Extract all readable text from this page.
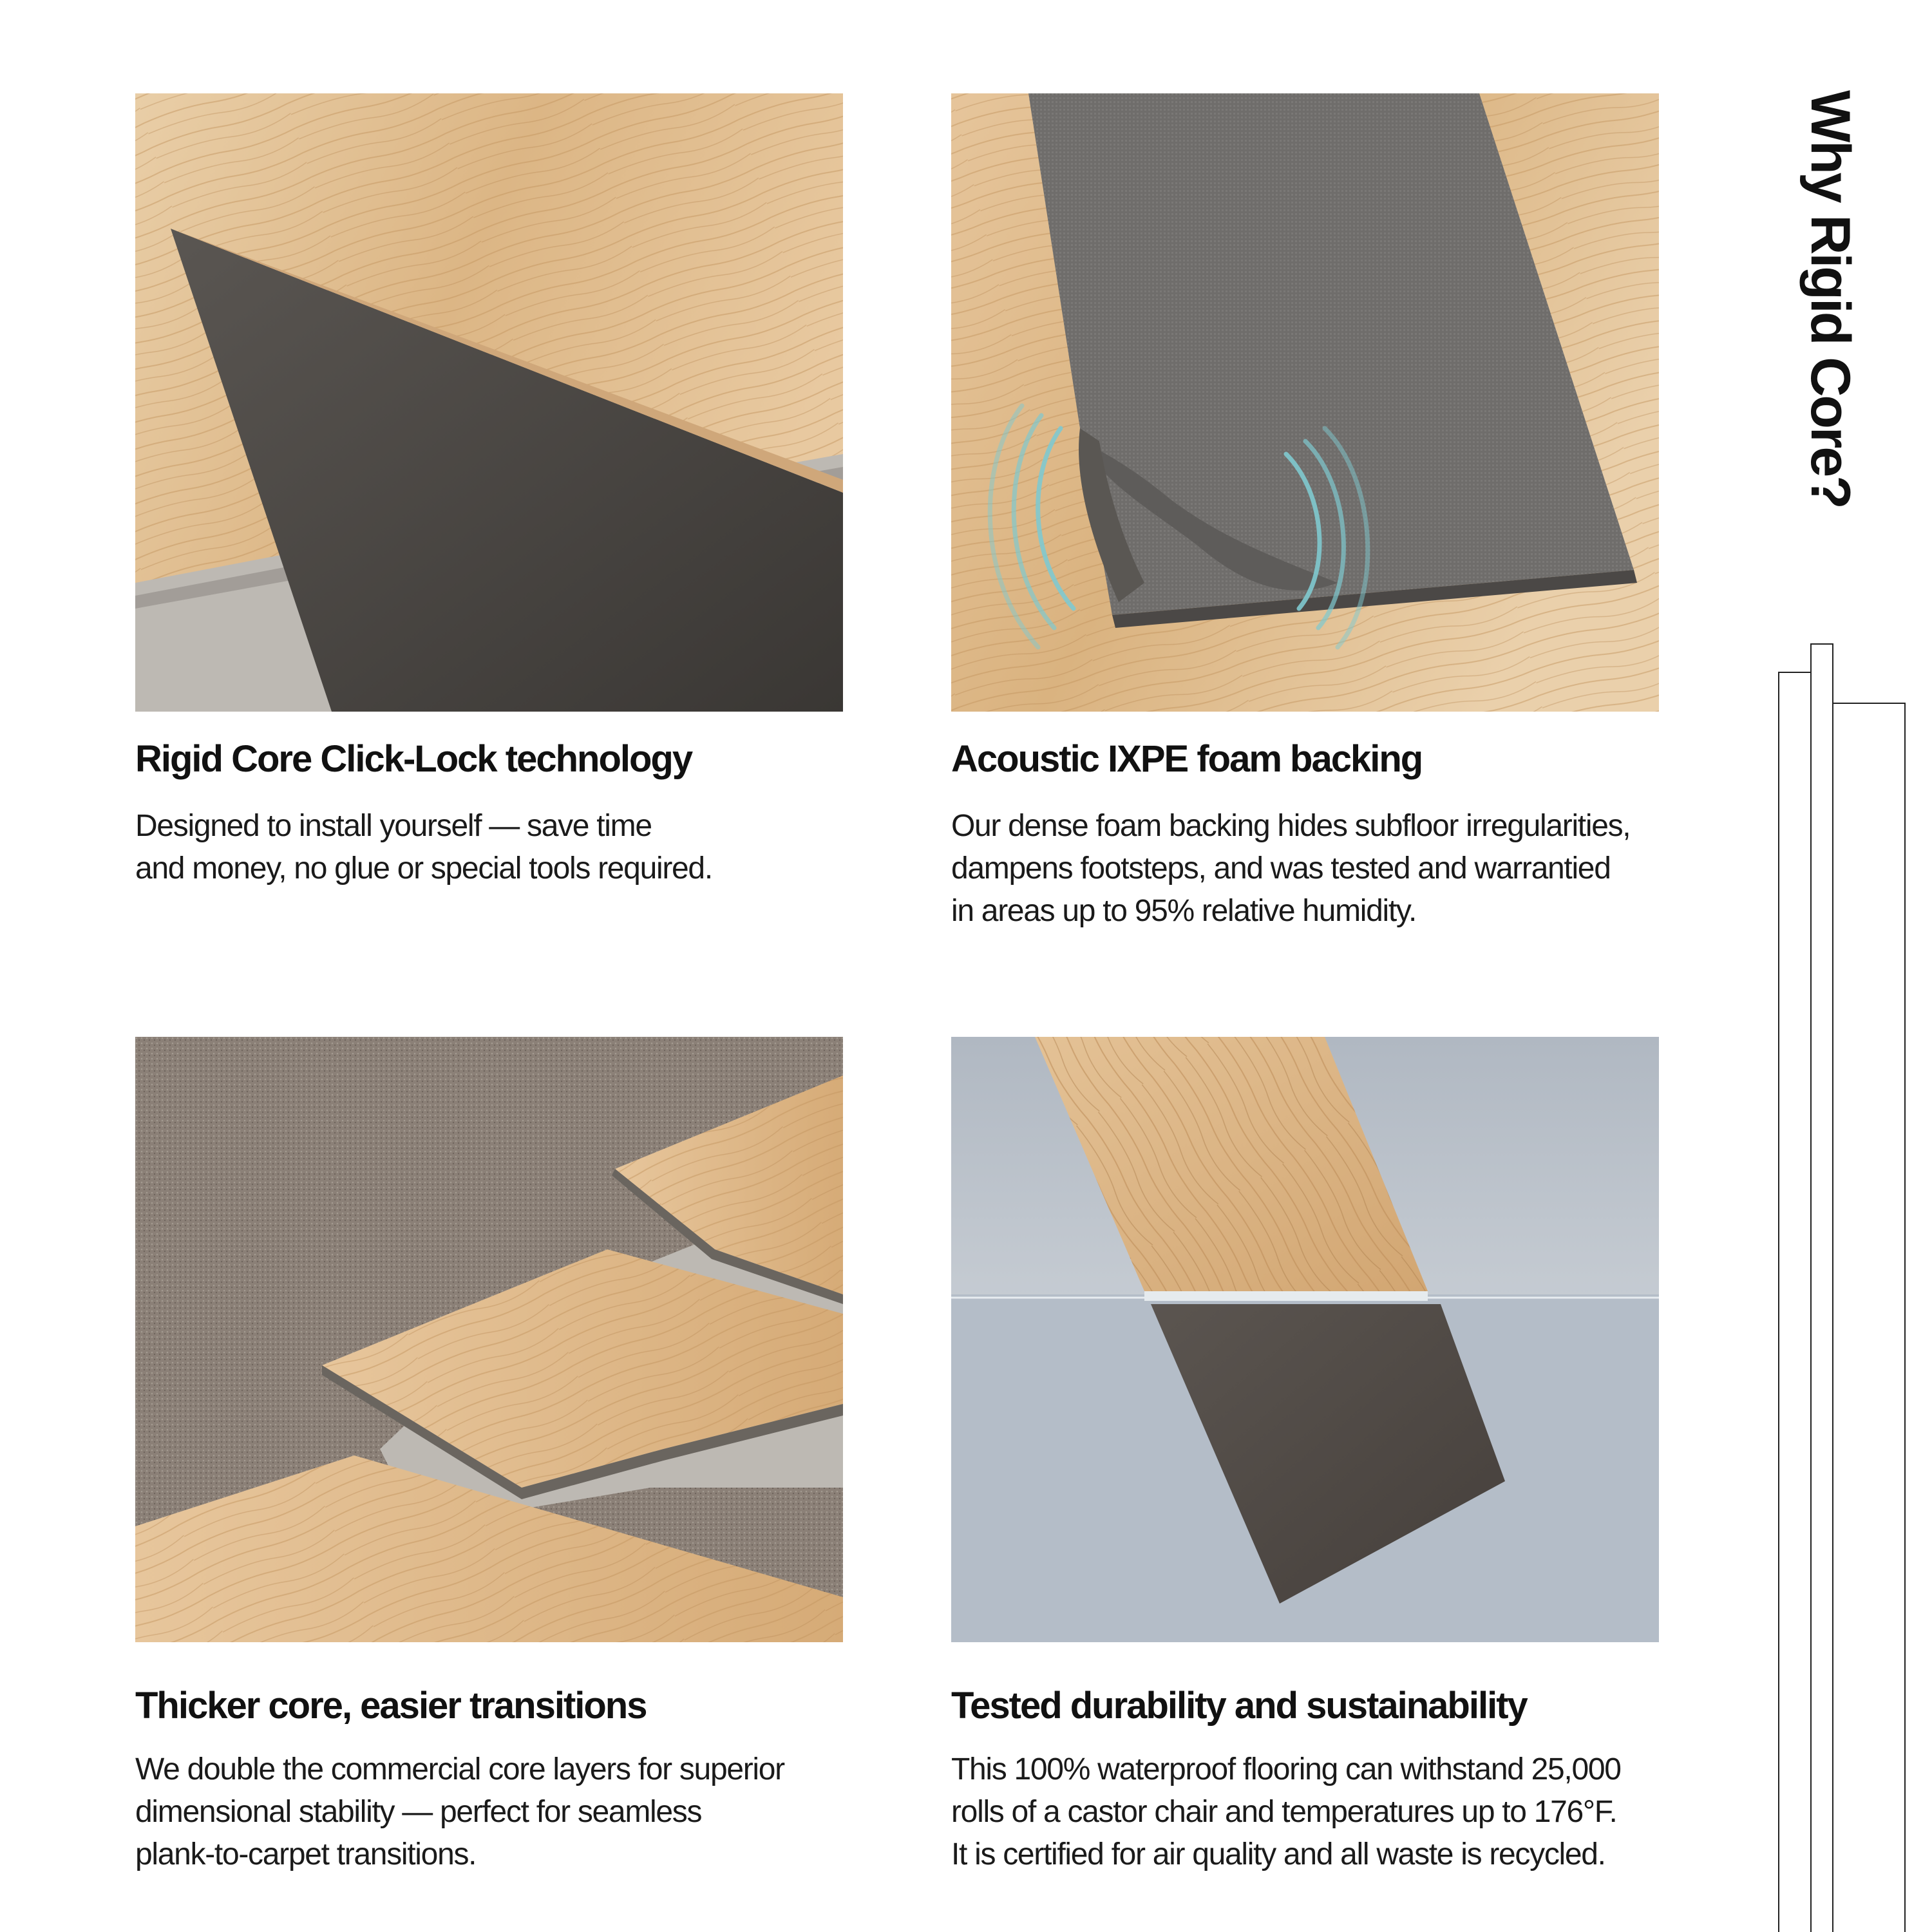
Why Rigid Core?
Rigid Core Click-Lock technology

Designed to install yourself — save time
and money, no glue or special tools required.

Acoustic IXPE foam backing

Our dense foam backing hides subfloor irregularities,
dampens footsteps, and was tested and warrantied
in areas up to 95% relative humidity.

Thicker core, easier transitions

We double the commercial core layers for superior
dimensional stability — perfect for seamless
plank-to-carpet transitions.

Tested durability and sustainability

This 100% waterproof flooring can withstand 25,000
rolls of a castor chair and temperatures up to 176°F.
It is certified for air quality and all waste is recycled.
